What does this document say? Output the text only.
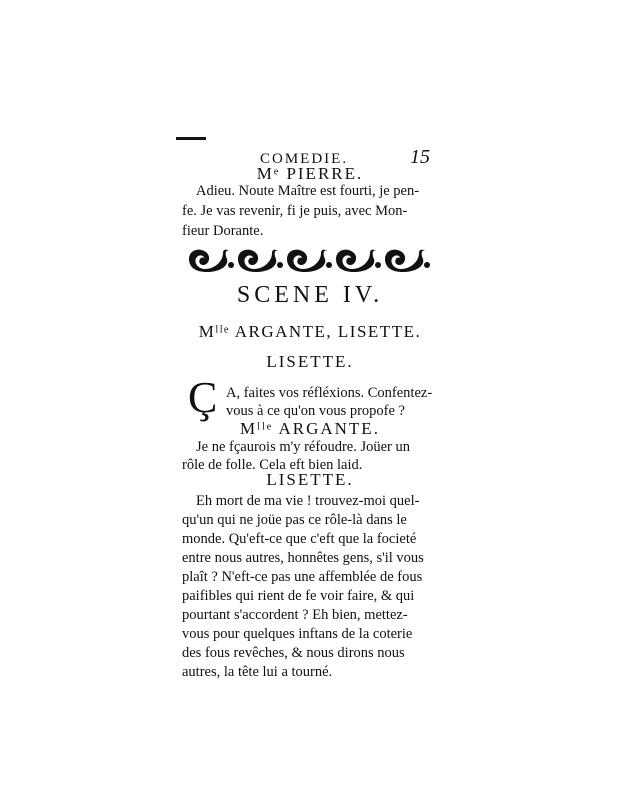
COMEDIE.	15
Mᵉ PIERRE.
Adieu. Noute Maître est fourti, je pen-
fe. Je vas revenir, fi je puis, avec Mon-
fieur Dorante.
SCENE IV.
Mˡˡᵉ ARGANTE, LISETTE.
LISETTE.
Ç A, faites vos réfléxions. Confentez-
vous à ce qu'on vous propofe ?
Mˡˡᵉ ARGANTE.
Je ne fçaurois m'y réfoudre. Joüer un
rôle de folle. Cela eft bien laid.
LISETTE.
Eh mort de ma vie ! trouvez-moi quel-
qu'un qui ne joüe pas ce rôle-là dans le
monde. Qu'eft-ce que c'eft que la focieté
entre nous autres, honnêtes gens, s'il vous
plaît ? N'eft-ce pas une affemblée de fous
paifibles qui rient de fe voir faire, & qui
pourtant s'accordent ? Eh bien, mettez-
vous pour quelques inftans de la coterie
des fous revêches, & nous dirons nous
autres, la tête lui a tourné.
